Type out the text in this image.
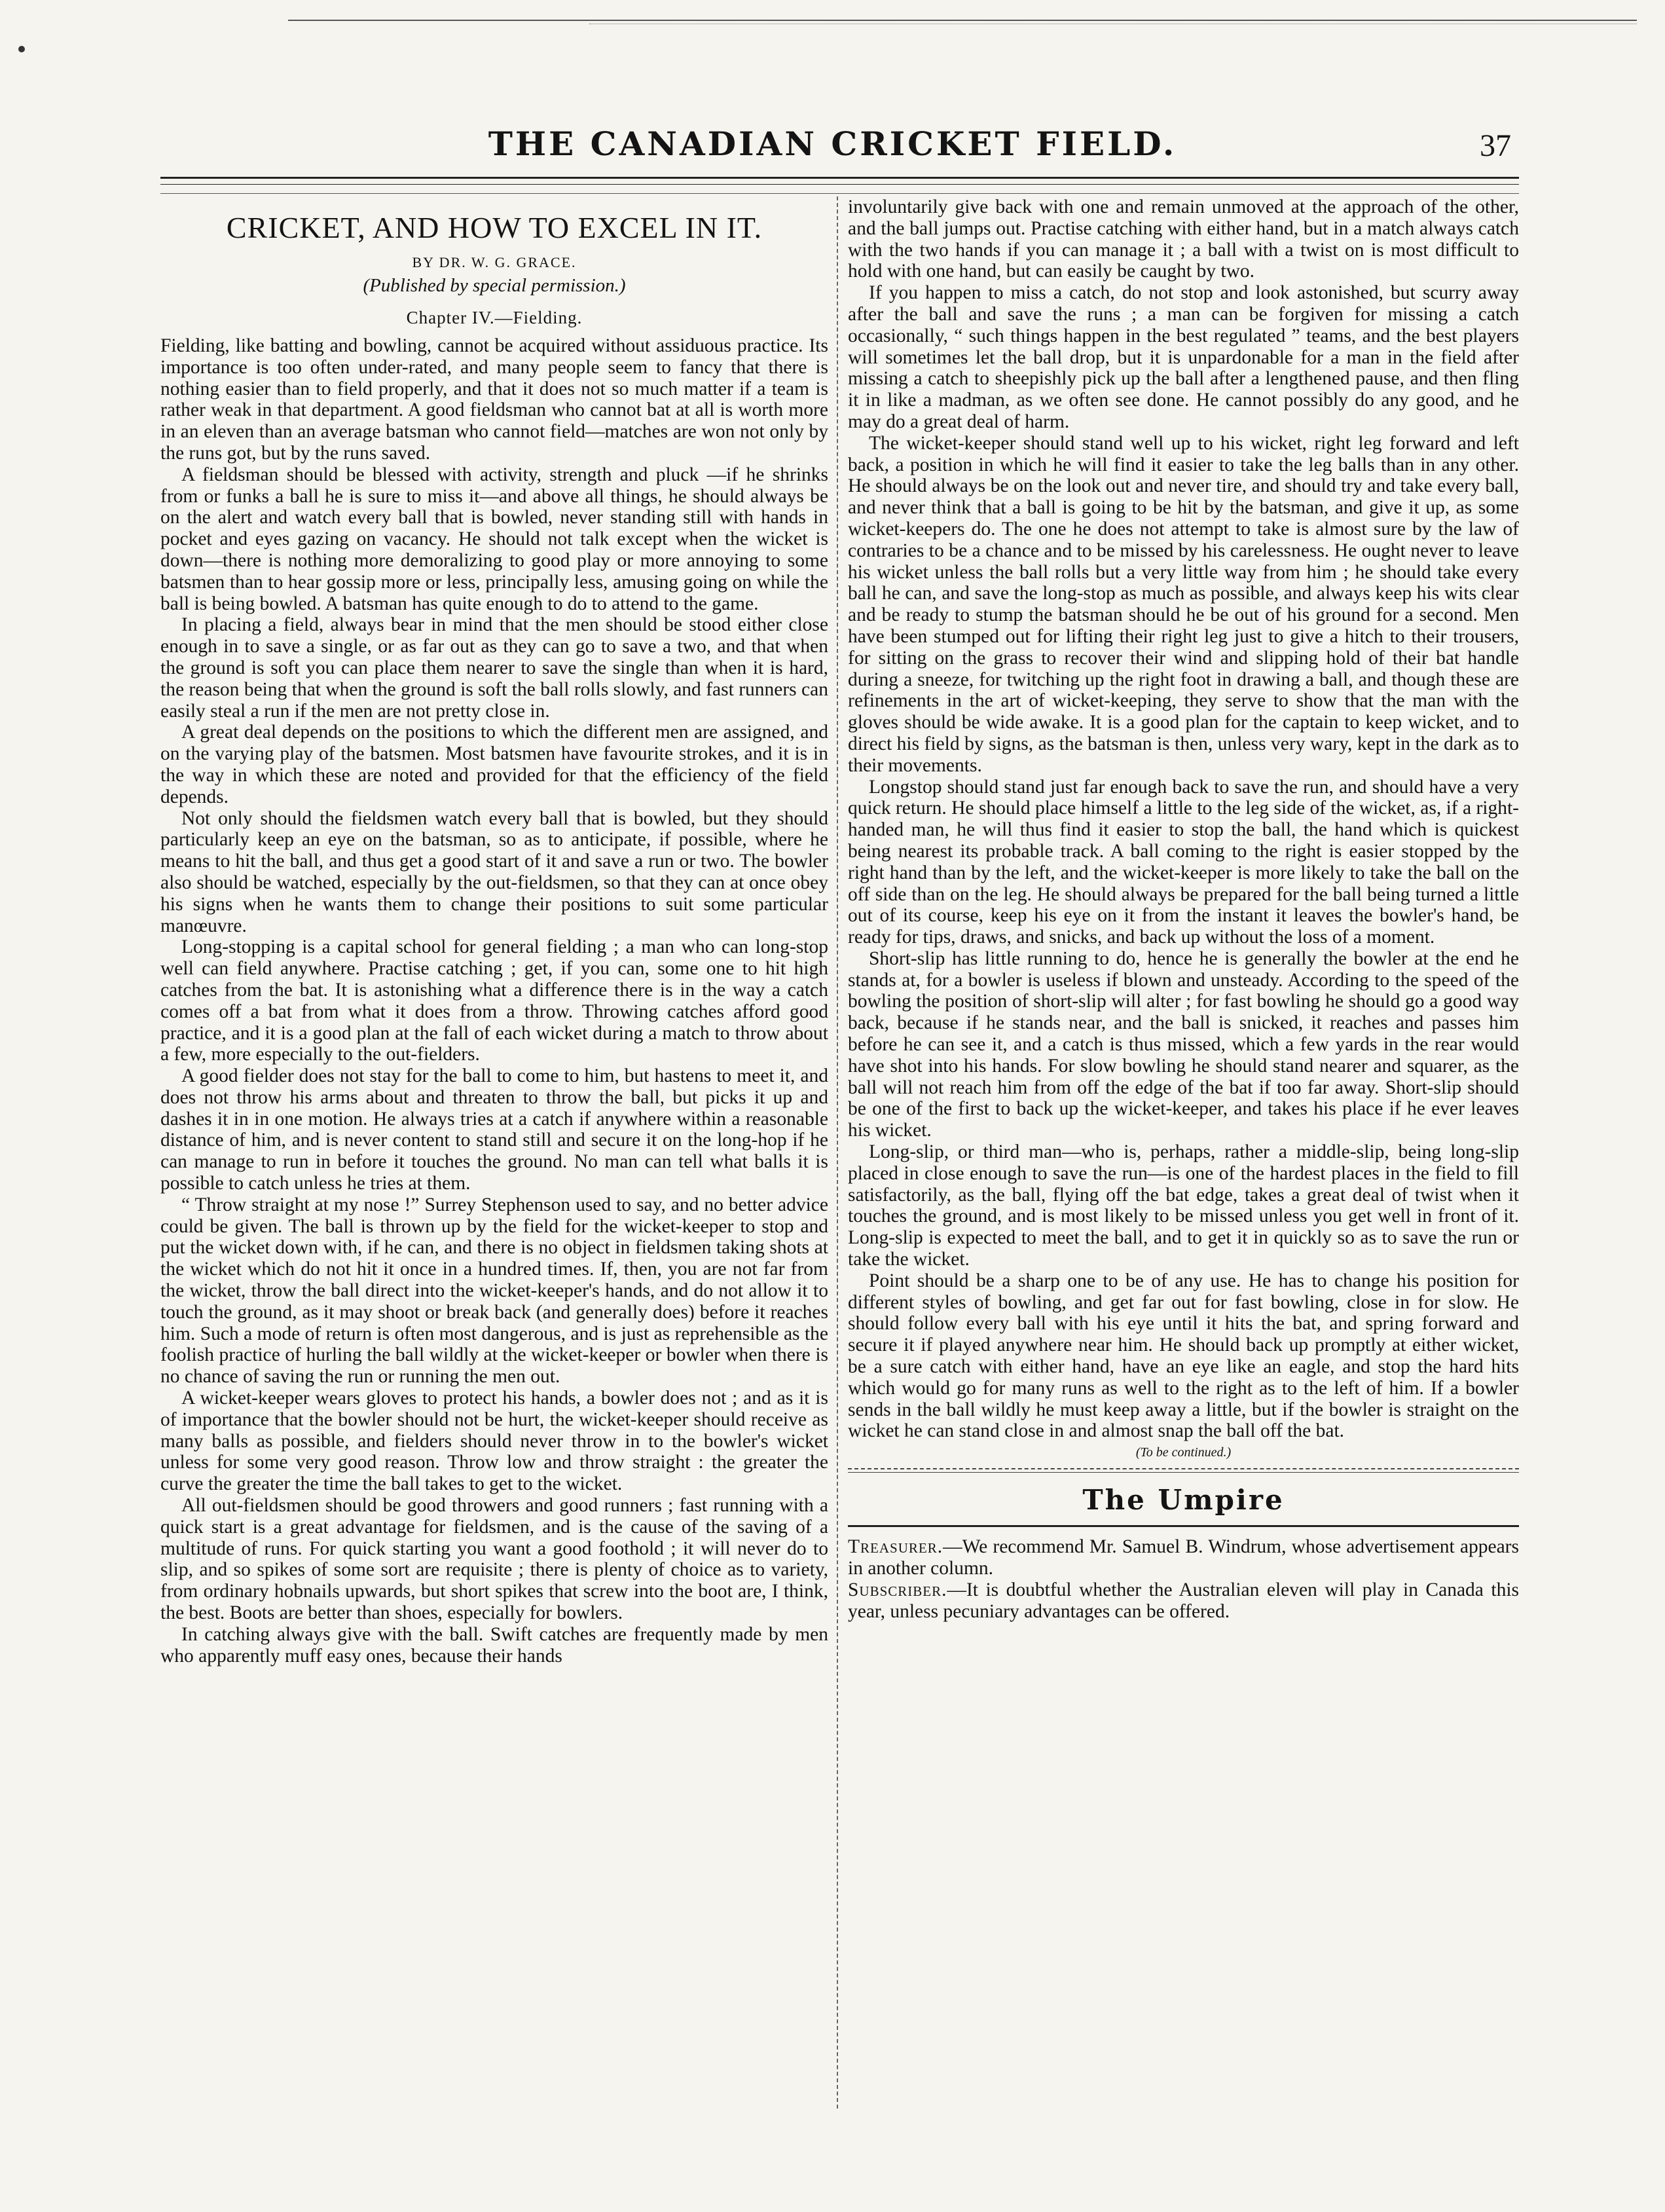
THE CANADIAN CRICKET FIELD.	37
CRICKET, AND HOW TO EXCEL IN IT.
BY DR. W. G. GRACE.
(Published by special permission.)
Chapter IV.—Fielding.

Fielding, like batting and bowling, cannot be acquired without assiduous practice. Its importance is too often under-rated, and many people seem to fancy that there is nothing easier than to field properly, and that it does not so much matter if a team is rather weak in that department. A good fieldsman who cannot bat at all is worth more in an eleven than an average batsman who cannot field—matches are won not only by the runs got, but by the runs saved.

A fieldsman should be blessed with activity, strength and pluck —if he shrinks from or funks a ball he is sure to miss it—and above all things, he should always be on the alert and watch every ball that is bowled, never standing still with hands in pocket and eyes gazing on vacancy. He should not talk except when the wicket is down—there is nothing more demoralizing to good play or more annoying to some batsmen than to hear gossip more or less, principally less, amusing going on while the ball is being bowled. A batsman has quite enough to do to attend to the game.

In placing a field, always bear in mind that the men should be stood either close enough in to save a single, or as far out as they can go to save a two, and that when the ground is soft you can place them nearer to save the single than when it is hard, the reason being that when the ground is soft the ball rolls slowly, and fast runners can easily steal a run if the men are not pretty close in.

A great deal depends on the positions to which the different men are assigned, and on the varying play of the batsmen. Most batsmen have favourite strokes, and it is in the way in which these are noted and provided for that the efficiency of the field depends.

Not only should the fieldsmen watch every ball that is bowled, but they should particularly keep an eye on the batsman, so as to anticipate, if possible, where he means to hit the ball, and thus get a good start of it and save a run or two. The bowler also should be watched, especially by the out-fieldsmen, so that they can at once obey his signs when he wants them to change their positions to suit some particular manœuvre.

Long-stopping is a capital school for general fielding ; a man who can long-stop well can field anywhere. Practise catching ; get, if you can, some one to hit high catches from the bat. It is astonishing what a difference there is in the way a catch comes off a bat from what it does from a throw. Throwing catches afford good practice, and it is a good plan at the fall of each wicket during a match to throw about a few, more especially to the out-fielders.

A good fielder does not stay for the ball to come to him, but hastens to meet it, and does not throw his arms about and threaten to throw the ball, but picks it up and dashes it in in one motion. He always tries at a catch if anywhere within a reasonable distance of him, and is never content to stand still and secure it on the long-hop if he can manage to run in before it touches the ground. No man can tell what balls it is possible to catch unless he tries at them.

“ Throw straight at my nose !” Surrey Stephenson used to say, and no better advice could be given. The ball is thrown up by the field for the wicket-keeper to stop and put the wicket down with, if he can, and there is no object in fieldsmen taking shots at the wicket which do not hit it once in a hundred times. If, then, you are not far from the wicket, throw the ball direct into the wicket-keeper's hands, and do not allow it to touch the ground, as it may shoot or break back (and generally does) before it reaches him. Such a mode of return is often most dangerous, and is just as reprehensible as the foolish practice of hurling the ball wildly at the wicket-keeper or bowler when there is no chance of saving the run or running the men out.

A wicket-keeper wears gloves to protect his hands, a bowler does not ; and as it is of importance that the bowler should not be hurt, the wicket-keeper should receive as many balls as possible, and fielders should never throw in to the bowler's wicket unless for some very good reason. Throw low and throw straight : the greater the curve the greater the time the ball takes to get to the wicket.

All out-fieldsmen should be good throwers and good runners ; fast running with a quick start is a great advantage for fieldsmen, and is the cause of the saving of a multitude of runs. For quick starting you want a good foothold ; it will never do to slip, and so spikes of some sort are requisite ; there is plenty of choice as to variety, from ordinary hobnails upwards, but short spikes that screw into the boot are, I think, the best. Boots are better than shoes, especially for bowlers.

In catching always give with the ball. Swift catches are frequently made by men who apparently muff easy ones, because their hands

involuntarily give back with one and remain unmoved at the approach of the other, and the ball jumps out. Practise catching with either hand, but in a match always catch with the two hands if you can manage it ; a ball with a twist on is most difficult to hold with one hand, but can easily be caught by two.

If you happen to miss a catch, do not stop and look astonished, but scurry away after the ball and save the runs ; a man can be forgiven for missing a catch occasionally, “ such things happen in the best regulated ” teams, and the best players will sometimes let the ball drop, but it is unpardonable for a man in the field after missing a catch to sheepishly pick up the ball after a lengthened pause, and then fling it in like a madman, as we often see done. He cannot possibly do any good, and he may do a great deal of harm.

The wicket-keeper should stand well up to his wicket, right leg forward and left back, a position in which he will find it easier to take the leg balls than in any other. He should always be on the look out and never tire, and should try and take every ball, and never think that a ball is going to be hit by the batsman, and give it up, as some wicket-keepers do. The one he does not attempt to take is almost sure by the law of contraries to be a chance and to be missed by his carelessness. He ought never to leave his wicket unless the ball rolls but a very little way from him ; he should take every ball he can, and save the long-stop as much as possible, and always keep his wits clear and be ready to stump the batsman should he be out of his ground for a second. Men have been stumped out for lifting their right leg just to give a hitch to their trousers, for sitting on the grass to recover their wind and slipping hold of their bat handle during a sneeze, for twitching up the right foot in drawing a ball, and though these are refinements in the art of wicket-keeping, they serve to show that the man with the gloves should be wide awake. It is a good plan for the captain to keep wicket, and to direct his field by signs, as the batsman is then, unless very wary, kept in the dark as to their movements.

Longstop should stand just far enough back to save the run, and should have a very quick return. He should place himself a little to the leg side of the wicket, as, if a right-handed man, he will thus find it easier to stop the ball, the hand which is quickest being nearest its probable track. A ball coming to the right is easier stopped by the right hand than by the left, and the wicket-keeper is more likely to take the ball on the off side than on the leg. He should always be prepared for the ball being turned a little out of its course, keep his eye on it from the instant it leaves the bowler's hand, be ready for tips, draws, and snicks, and back up without the loss of a moment.

Short-slip has little running to do, hence he is generally the bowler at the end he stands at, for a bowler is useless if blown and unsteady. According to the speed of the bowling the position of short-slip will alter ; for fast bowling he should go a good way back, because if he stands near, and the ball is snicked, it reaches and passes him before he can see it, and a catch is thus missed, which a few yards in the rear would have shot into his hands. For slow bowling he should stand nearer and squarer, as the ball will not reach him from off the edge of the bat if too far away. Short-slip should be one of the first to back up the wicket-keeper, and takes his place if he ever leaves his wicket.

Long-slip, or third man—who is, perhaps, rather a middle-slip, being long-slip placed in close enough to save the run—is one of the hardest places in the field to fill satisfactorily, as the ball, flying off the bat edge, takes a great deal of twist when it touches the ground, and is most likely to be missed unless you get well in front of it. Long-slip is expected to meet the ball, and to get it in quickly so as to save the run or take the wicket.

Point should be a sharp one to be of any use. He has to change his position for different styles of bowling, and get far out for fast bowling, close in for slow. He should follow every ball with his eye until it hits the bat, and spring forward and secure it if played anywhere near him. He should back up promptly at either wicket, be a sure catch with either hand, have an eye like an eagle, and stop the hard hits which would go for many runs as well to the right as to the left of him. If a bowler sends in the ball wildly he must keep away a little, but if the bowler is straight on the wicket he can stand close in and almost snap the ball off the bat.

(To be continued.)
The Umpire

Treasurer.—We recommend Mr. Samuel B. Windrum, whose advertisement appears in another column.

Subscriber.—It is doubtful whether the Australian eleven will play in Canada this year, unless pecuniary advantages can be offered.
